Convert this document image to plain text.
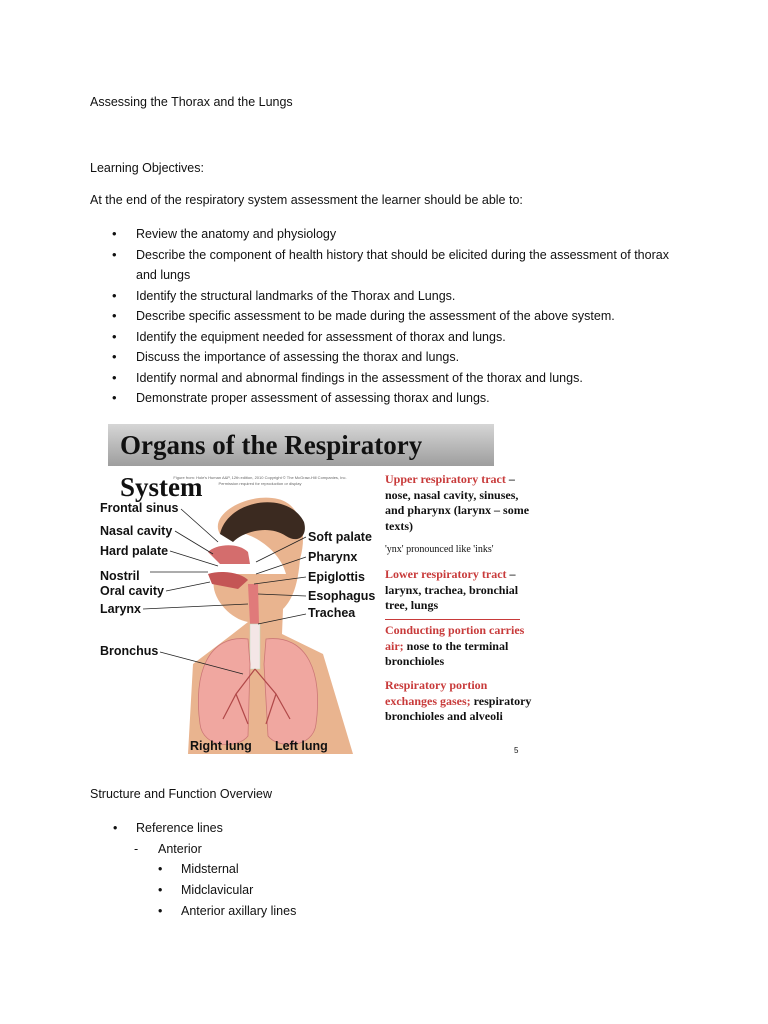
Assessing the Thorax and the Lungs
Learning Objectives:
At the end of the respiratory system assessment the learner should be able to:
• Review the anatomy and physiology
• Describe the component of health history that should be elicited during the assessment of thorax and lungs
• Identify the structural landmarks of the Thorax and Lungs.
• Describe specific assessment to be made during the assessment of the above system.
• Identify the equipment needed for assessment of thorax and lungs.
• Discuss the importance of assessing the thorax and lungs.
• Identify normal and abnormal findings in the assessment of the thorax and lungs.
• Demonstrate proper assessment of assessing thorax and lungs.
Organs of the Respiratory System
Figure from: Hole's Human A&P, 12th edition, 2010 Copyright © The McGraw-Hill Companies, Inc. Permission required for reproduction or display
Frontal sinus
Nasal cavity
Hard palate
Nostril
Oral cavity
Larynx
Bronchus
Soft palate
Pharynx
Epiglottis
Esophagus
Trachea
Right lung Left lung
Upper respiratory tract – nose, nasal cavity, sinuses, and pharynx (larynx – some texts)
'ynx' pronounced like 'inks'
Lower respiratory tract – larynx, trachea, bronchial tree, lungs
Conducting portion carries air; nose to the terminal bronchioles
Respiratory portion exchanges gases; respiratory bronchioles and alveoli
5
Structure and Function Overview
• Reference lines
- Anterior
• Midsternal
• Midclavicular
• Anterior axillary lines
